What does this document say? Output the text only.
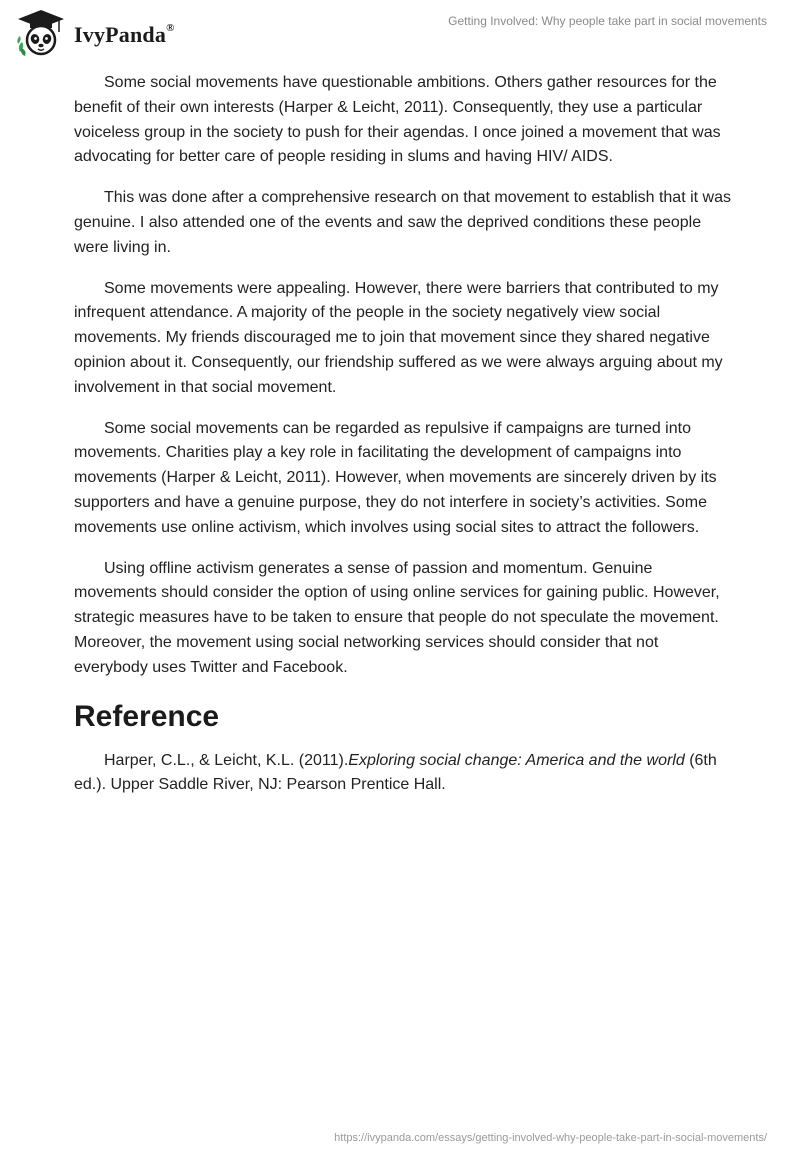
IvyPanda®	Getting Involved: Why people take part in social movements

Some social movements have questionable ambitions. Others gather resources for the benefit of their own interests (Harper & Leicht, 2011). Consequently, they use a particular voiceless group in the society to push for their agendas. I once joined a movement that was advocating for better care of people residing in slums and having HIV/ AIDS.

This was done after a comprehensive research on that movement to establish that it was genuine. I also attended one of the events and saw the deprived conditions these people were living in.

Some movements were appealing. However, there were barriers that contributed to my infrequent attendance. A majority of the people in the society negatively view social movements. My friends discouraged me to join that movement since they shared negative opinion about it. Consequently, our friendship suffered as we were always arguing about my involvement in that social movement.

Some social movements can be regarded as repulsive if campaigns are turned into movements. Charities play a key role in facilitating the development of campaigns into movements (Harper & Leicht, 2011). However, when movements are sincerely driven by its supporters and have a genuine purpose, they do not interfere in society’s activities. Some movements use online activism, which involves using social sites to attract the followers.

Using offline activism generates a sense of passion and momentum. Genuine movements should consider the option of using online services for gaining public. However, strategic measures have to be taken to ensure that people do not speculate the movement. Moreover, the movement using social networking services should consider that not everybody uses Twitter and Facebook.

Reference

Harper, C.L., & Leicht, K.L. (2011).Exploring social change: America and the world (6th ed.). Upper Saddle River, NJ: Pearson Prentice Hall.

https://ivypanda.com/essays/getting-involved-why-people-take-part-in-social-movements/
